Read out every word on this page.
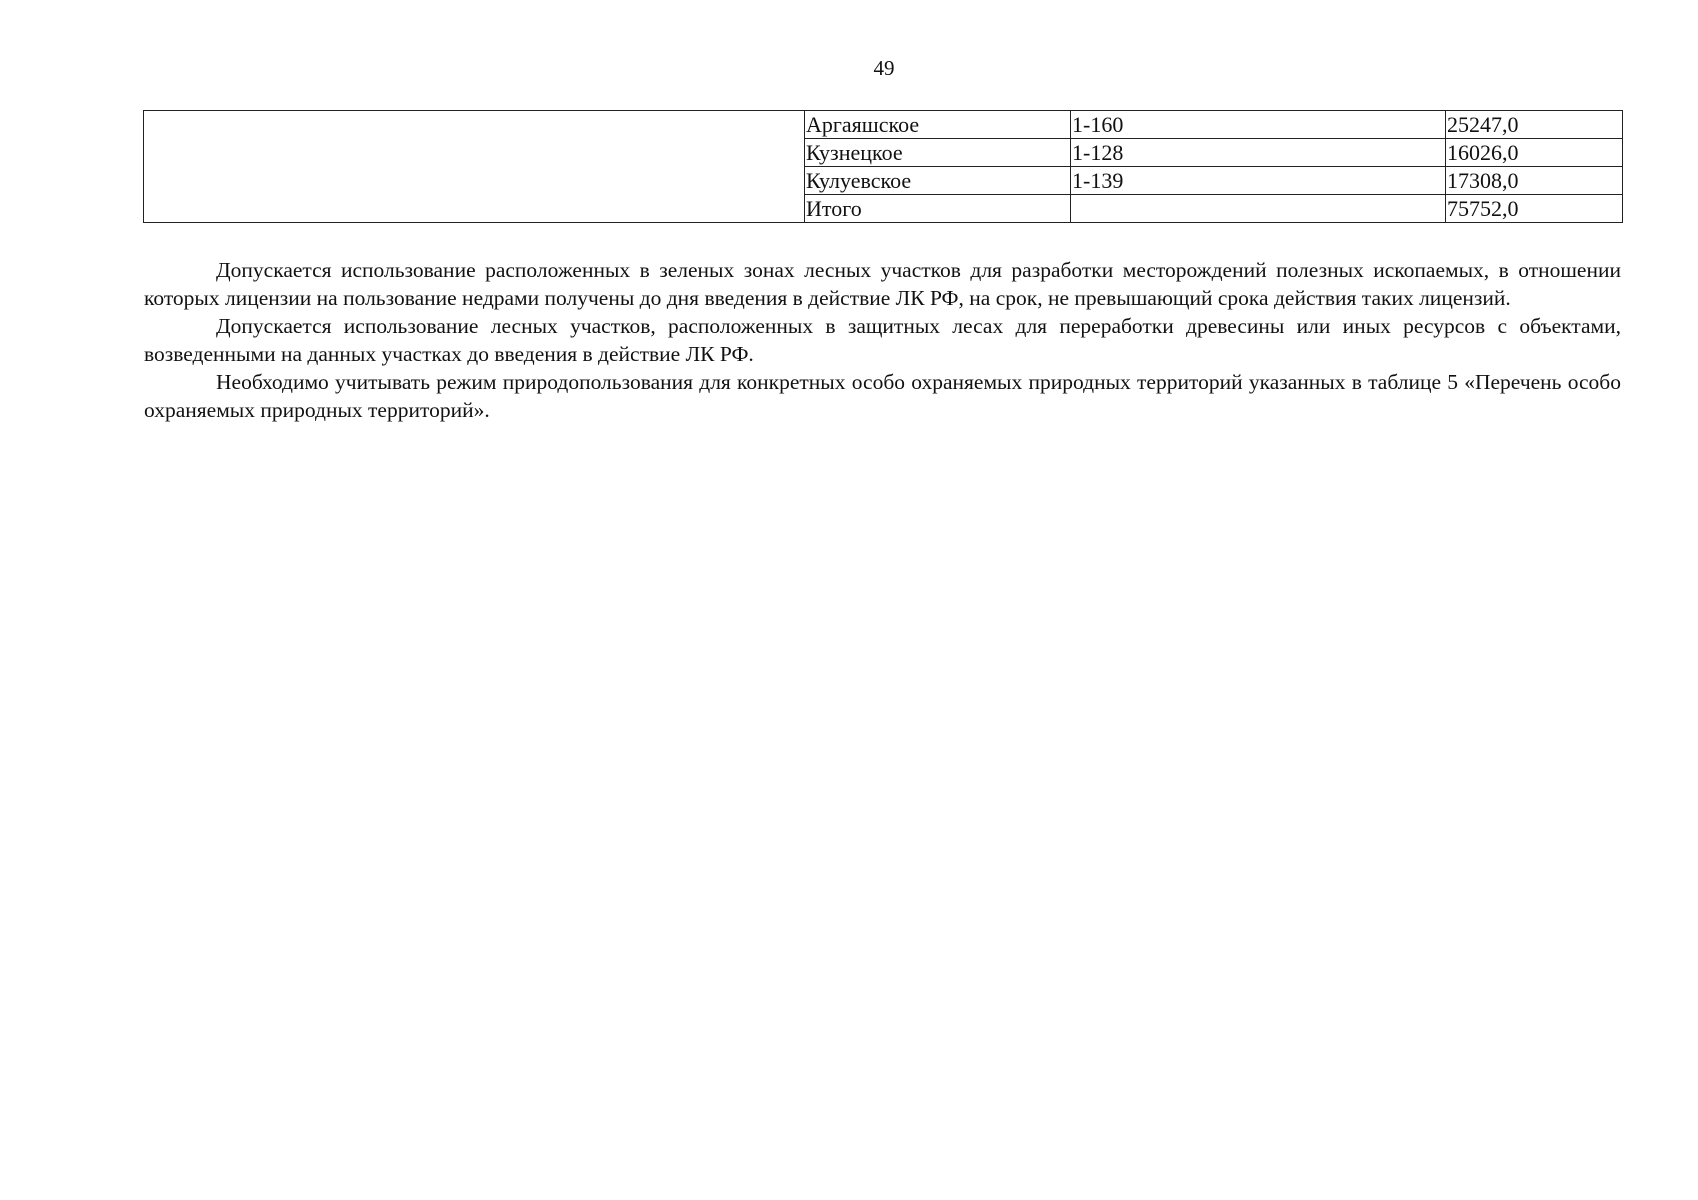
49
	Аргаяшское	1-160	25247,0
	Кузнецкое	1-128	16026,0
	Кулуевское	1-139	17308,0
	Итого		75752,0

Допускается использование расположенных в зеленых зонах лесных участков для разработки месторождений полезных ископаемых, в отношении которых лицензии на пользование недрами получены до дня введения в действие ЛК РФ, на срок, не превышающий срока действия таких лицензий.

Допускается использование лесных участков, расположенных в защитных лесах для переработки древесины или иных ресурсов с объектами, возведенными на данных участках до введения в действие ЛК РФ.

Необходимо учитывать режим природопользования для конкретных особо охраняемых природных территорий указанных в таблице 5 «Перечень особо охраняемых природных территорий».
